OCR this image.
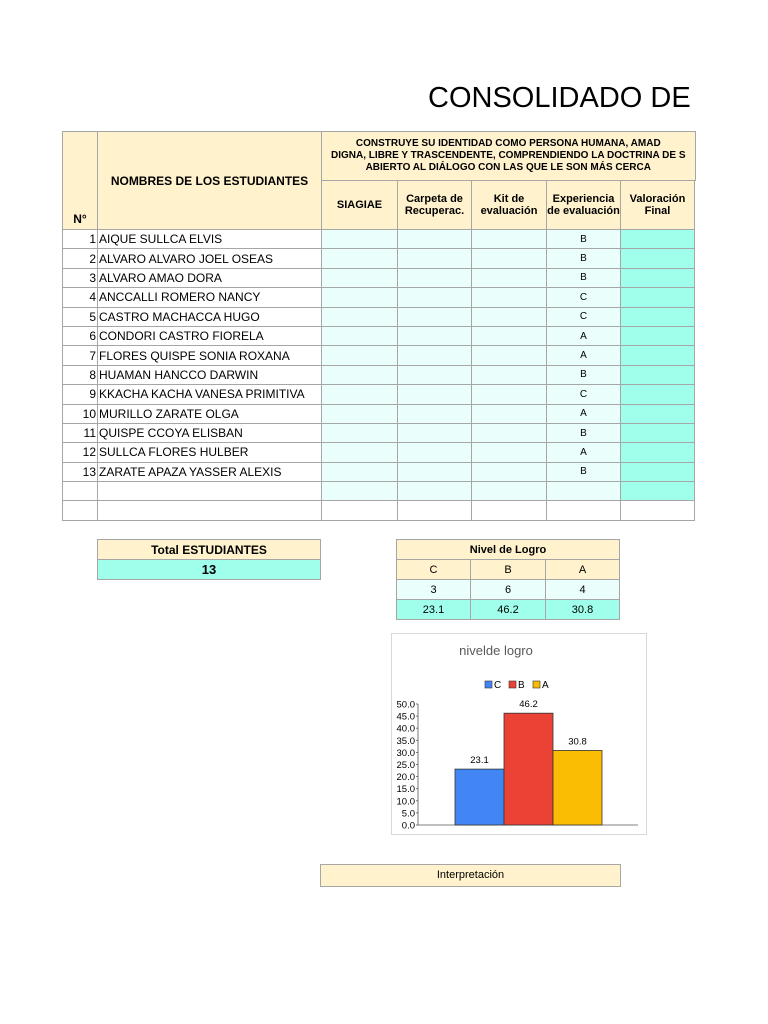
CONSOLIDADO DE
N°	NOMBRES DE LOS ESTUDIANTES	CONSTRUYE SU IDENTIDAD COMO PERSONA HUMANA, AMAD
DIGNA, LIBRE Y TRASCENDENTE, COMPRENDIENDO LA DOCTRINA DE S
ABIERTO AL DIÁLOGO CON LAS QUE LE SON MÁS CERCA					

		SIAGIAE	Carpeta de Recuperac.	Kit de evaluación	Experiencia de evaluación	Valoración Final	
1	AIQUE SULLCA ELVIS				B		
2	ALVARO ALVARO JOEL OSEAS				B		
3	ALVARO AMAO DORA				B		
4	ANCCALLI ROMERO NANCY				C		
5	CASTRO MACHACCA HUGO				C		
6	CONDORI CASTRO FIORELA				A		
7	FLORES QUISPE SONIA ROXANA				A		
8	HUAMAN HANCCO DARWIN				B		
9	KKACHA KACHA VANESA PRIMITIVA				C		
10	MURILLO ZARATE OLGA				A		
11	QUISPE CCOYA ELISBAN				B		
12	SULLCA FLORES HULBER				A		
13	ZARATE APAZA YASSER ALEXIS				B		

Total ESTUDIANTES
13
Nivel de Logro		
C	B	A
3	6	4
23.1	46.2	30.8
nivelde logro
C B A
0.0
5.0
10.0
15.0
20.0
25.0
30.0
35.0
40.0
45.0
50.0
23.1
46.2
30.8
Interpretación
